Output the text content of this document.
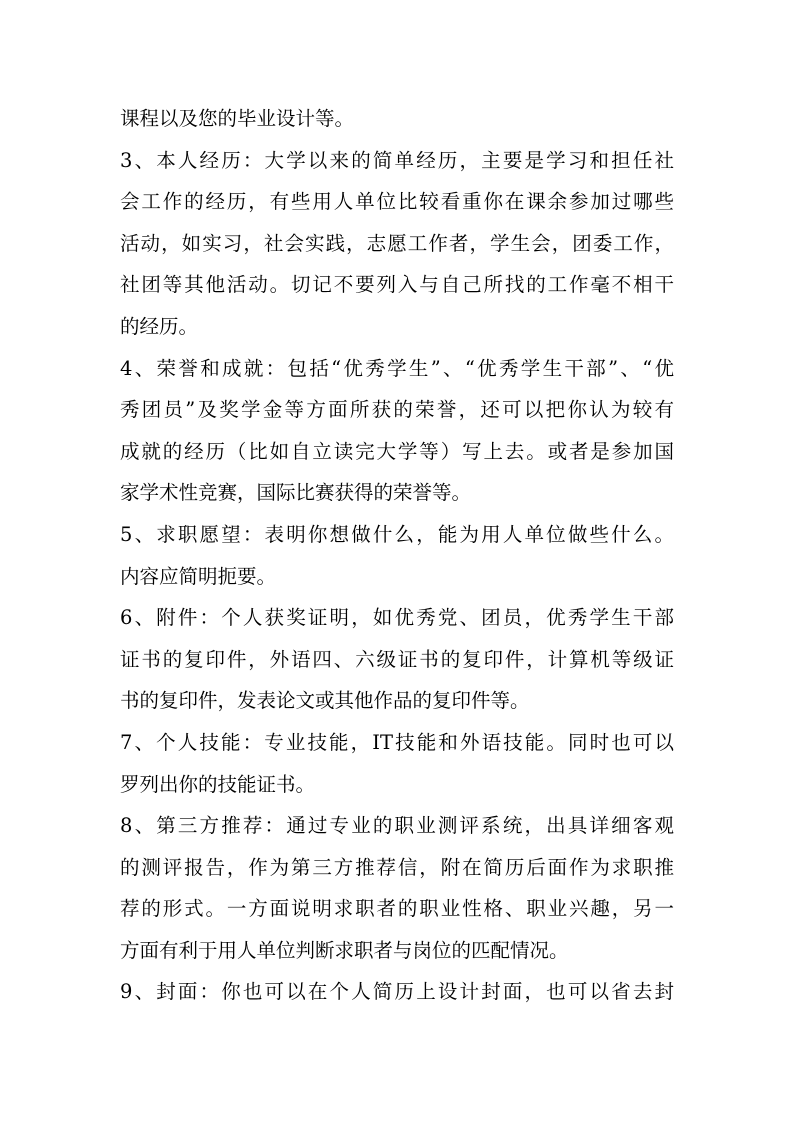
课程以及您的毕业设计等。
3、本人经历：大学以来的简单经历，主要是学习和担任社
会工作的经历，有些用人单位比较看重你在课余参加过哪些
活动，如实习，社会实践，志愿工作者，学生会，团委工作，
社团等其他活动。切记不要列入与自己所找的工作毫不相干
的经历。
4、荣誉和成就：包括“优秀学生”、“优秀学生干部”、“优
秀团员”及奖学金等方面所获的荣誉，还可以把你认为较有
成就的经历（比如自立读完大学等）写上去。或者是参加国
家学术性竞赛，国际比赛获得的荣誉等。
5、求职愿望：表明你想做什么，能为用人单位做些什么。
内容应简明扼要。
6、附件：个人获奖证明，如优秀党、团员，优秀学生干部
证书的复印件，外语四、六级证书的复印件，计算机等级证
书的复印件，发表论文或其他作品的复印件等。
7、个人技能：专业技能，IT技能和外语技能。同时也可以
罗列出你的技能证书。
8、第三方推荐：通过专业的职业测评系统，出具详细客观
的测评报告，作为第三方推荐信，附在简历后面作为求职推
荐的形式。一方面说明求职者的职业性格、职业兴趣，另一
方面有利于用人单位判断求职者与岗位的匹配情况。
9、封面：你也可以在个人简历上设计封面，也可以省去封
